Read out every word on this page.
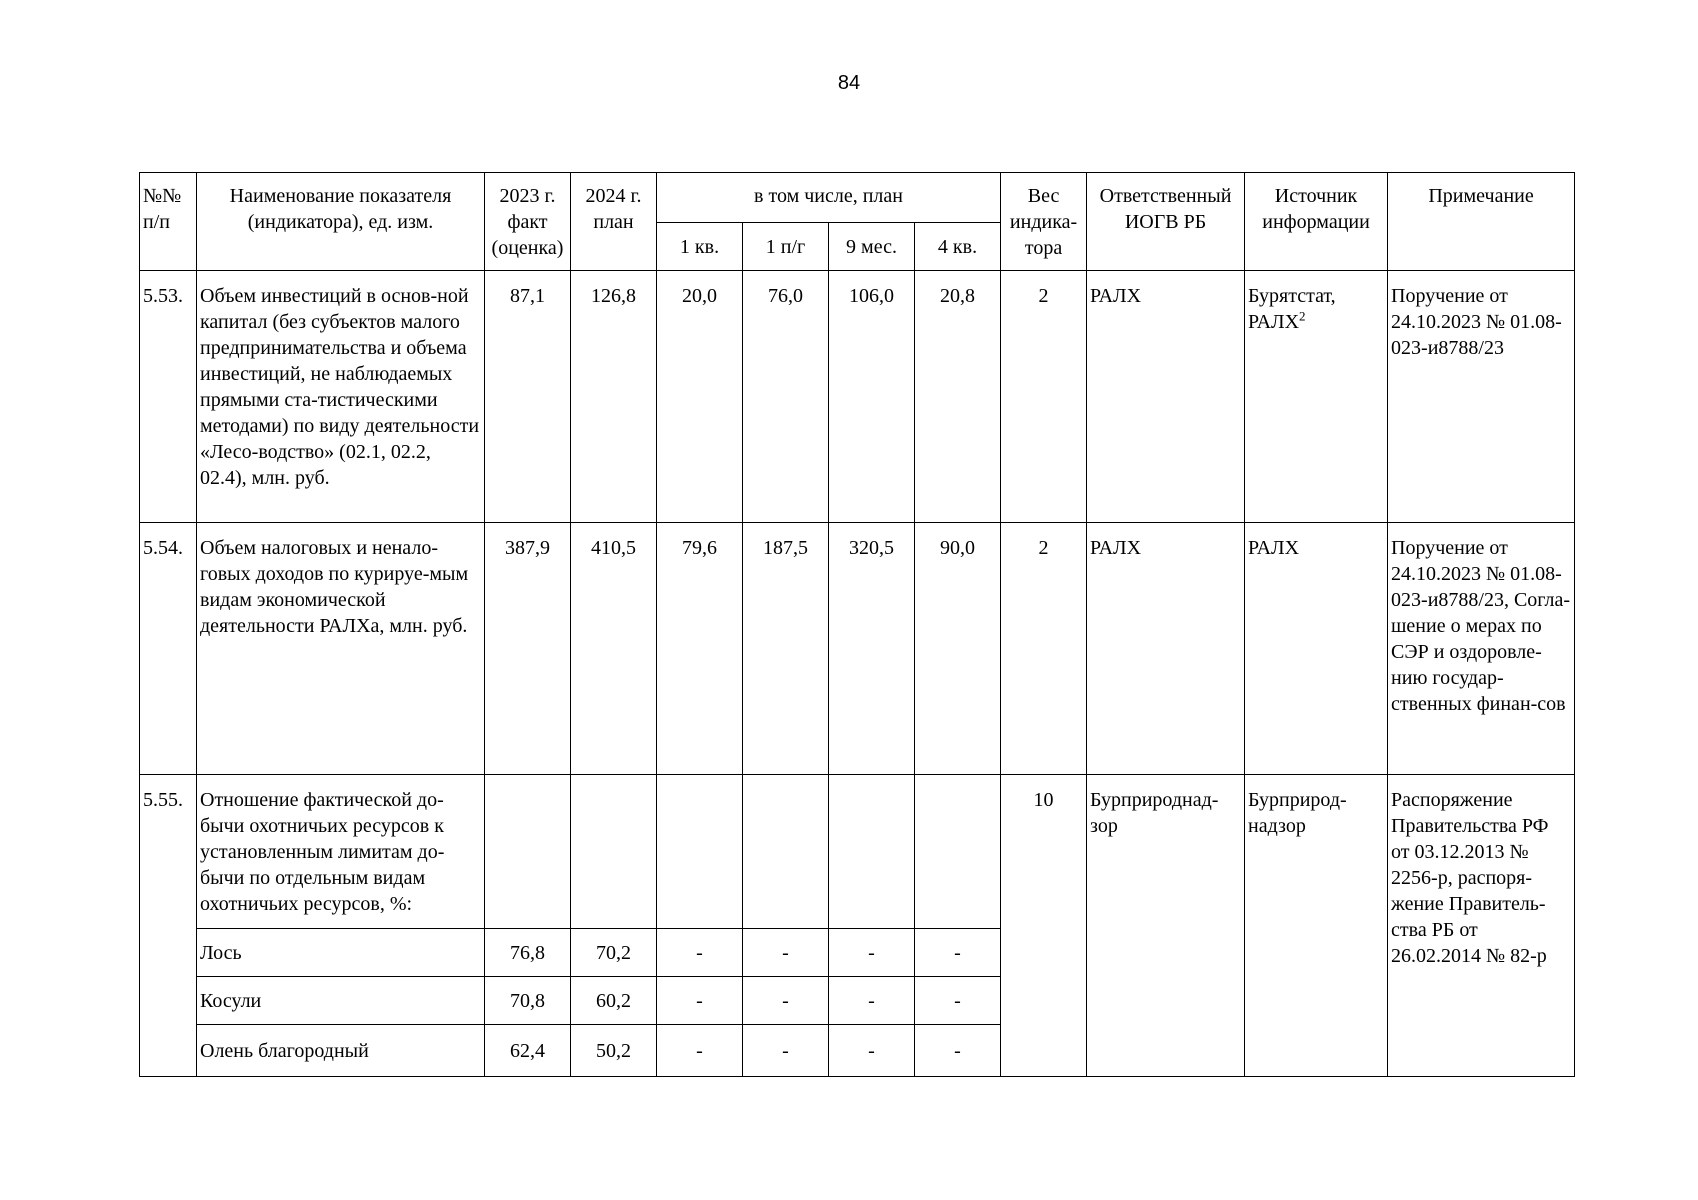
84
№№ п/п	Наименование показателя (индикатора), ед. изм.	2023 г. факт (оценка)	2024 г. план	в том числе, план				Вес индика-тора	Ответственный ИОГВ РБ	Источник информации	Примечание
				1 кв.	1 п/г	9 мес.	4 кв.				
5.53.	Объем инвестиций в основ-ной капитал (без субъектов малого предпринимательства и объема инвестиций, не наблюдаемых прямыми ста-тистическими методами) по виду деятельности «Лесо-водство» (02.1, 02.2, 02.4), млн. руб.	87,1	126,8	20,0	76,0	106,0	20,8	2	РАЛХ	Бурятстат, РАЛХ$^2$	Поручение от 24.10.2023 № 01.08-023-и8788/23
5.54.	Объем налоговых и ненало-говых доходов по курируе-мым видам экономической деятельности РАЛХа, млн. руб.	387,9	410,5	79,6	187,5	320,5	90,0	2	РАЛХ	РАЛХ	Поручение от 24.10.2023 № 01.08-023-и8788/23, Согла-шение о мерах по СЭР и оздоровле-нию государ-ственных финан-сов
5.55.	Отношение фактической до-бычи охотничьих ресурсов к установленным лимитам до-бычи по отдельным видам охотничьих ресурсов, %:							10	Бурприроднад-зор	Бурприрод-надзор	Распоряжение Правительства РФ от 03.12.2013 № 2256-р, распоря-жение Правитель-ства РБ от 26.02.2014 № 82-р
	Лось	76,8	70,2	-	-	-	-				
	Косули	70,8	60,2	-	-	-	-				
	Олень благородный	62,4	50,2	-	-	-	-				
